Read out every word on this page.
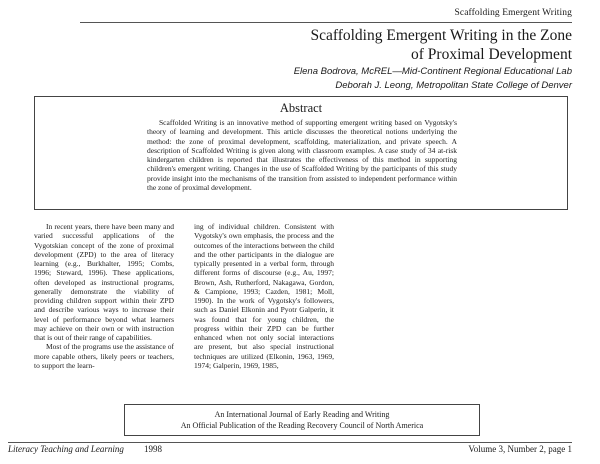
Scaffolding Emergent Writing
Scaffolding Emergent Writing in the Zone
of Proximal Development
Elena Bodrova, McREL—Mid-Continent Regional Educational Lab
Deborah J. Leong, Metropolitan State College of Denver
Abstract

Scaffolded Writing is an innovative method of supporting emergent writing based on Vygotsky's theory of learning and development. This article discusses the theoretical notions underlying the method: the zone of proximal development, scaffolding, materialization, and private speech. A description of Scaffolded Writing is given along with classroom examples. A case study of 34 at-risk kindergarten children is reported that illustrates the effectiveness of this method in supporting children's emergent writing. Changes in the use of Scaffolded Writing by the participants of this study provide insight into the mechanisms of the transition from assisted to independent performance within the zone of proximal development.

In recent years, there have been many and varied successful applications of the Vygotskian concept of the zone of proximal development (ZPD) to the area of literacy learning (e.g., Burkhalter, 1995; Combs, 1996; Steward, 1996). These applications, often developed as instructional programs, generally demonstrate the viability of providing children support within their ZPD and describe various ways to increase their level of performance beyond what learners may achieve on their own or with instruction that is out of their range of capabilities.

Most of the programs use the assistance of more capable others, likely peers or teachers, to support the learn-

ing of individual children. Consistent with Vygotsky's own emphasis, the process and the outcomes of the interactions between the child and the other participants in the dialogue are typically presented in a verbal form, through different forms of discourse (e.g., Au, 1997; Brown, Ash, Rutherford, Nakagawa, Gordon, & Campione, 1993; Cazden, 1981; Moll, 1990). In the work of Vygotsky's followers, such as Daniel Elkonin and Pyotr Galperin, it was found that for young children, the progress within their ZPD can be further enhanced when not only social interactions are present, but also special instructional techniques are utilized (Elkonin, 1963, 1969, 1974; Galperin, 1969, 1985,

An International Journal of Early Reading and Writing
An Official Publication of the Reading Recovery Council of North America
Literacy Teaching and Learning 1998	Volume 3, Number 2, page 1
